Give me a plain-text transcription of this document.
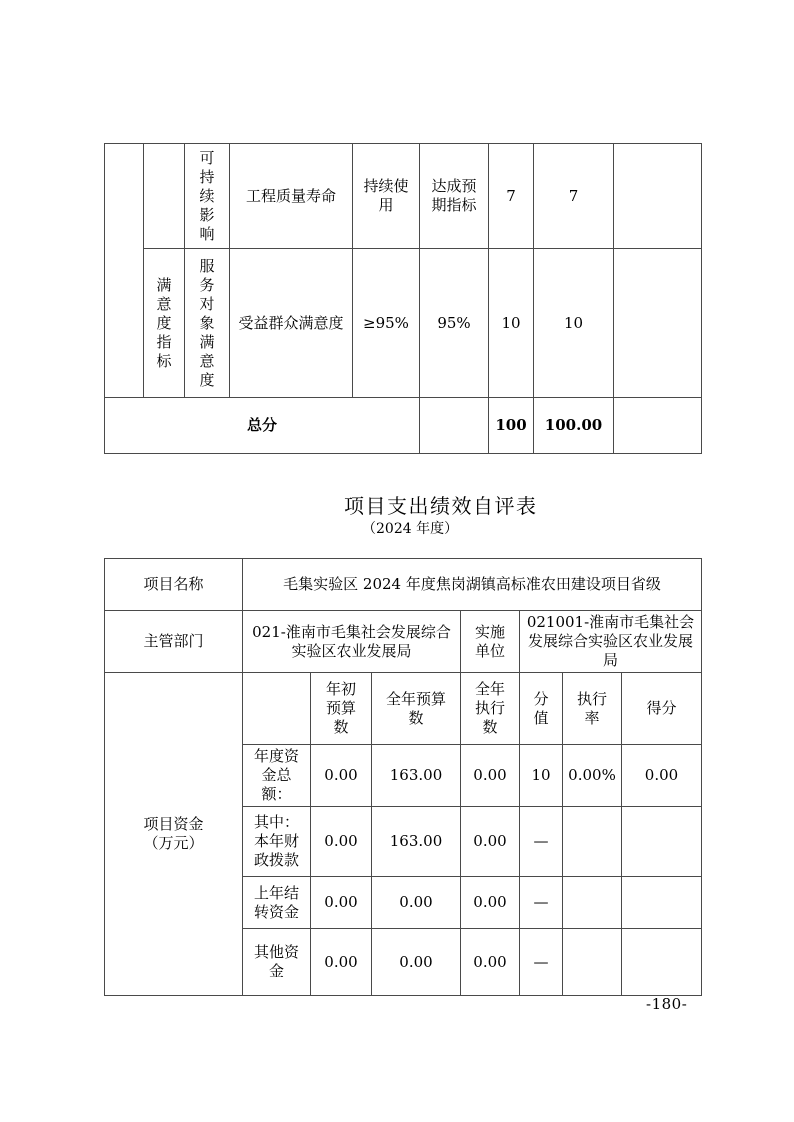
		可持续影响	工程质量寿命	持续使用	达成预期指标	7	7	

	满意度指标	服务对象满意度	受益群众满意度	≥95%	95%	10	10	
总分						100	100.00	
项目支出绩效自评表
（2024 年度）
项目名称	毛集实验区 2024 年度焦岗湖镇高标准农田建设项目省级						
主管部门	021-淮南市毛集社会发展综合实验区农业发展局			实施单位	021001-淮南市毛集社会发展综合实验区农业发展局		

项目资金（万元）		年初预算数	全年预算数	全年执行数	分值	执行率	得分

	年度资金总额：	0.00	163.00	0.00	10	0.00%	0.00

	其中：本年财政拨款	0.00	163.00	0.00	—		

	上年结转资金	0.00	0.00	0.00	—		

	其他资金	0.00	0.00	0.00	—		
-180-
